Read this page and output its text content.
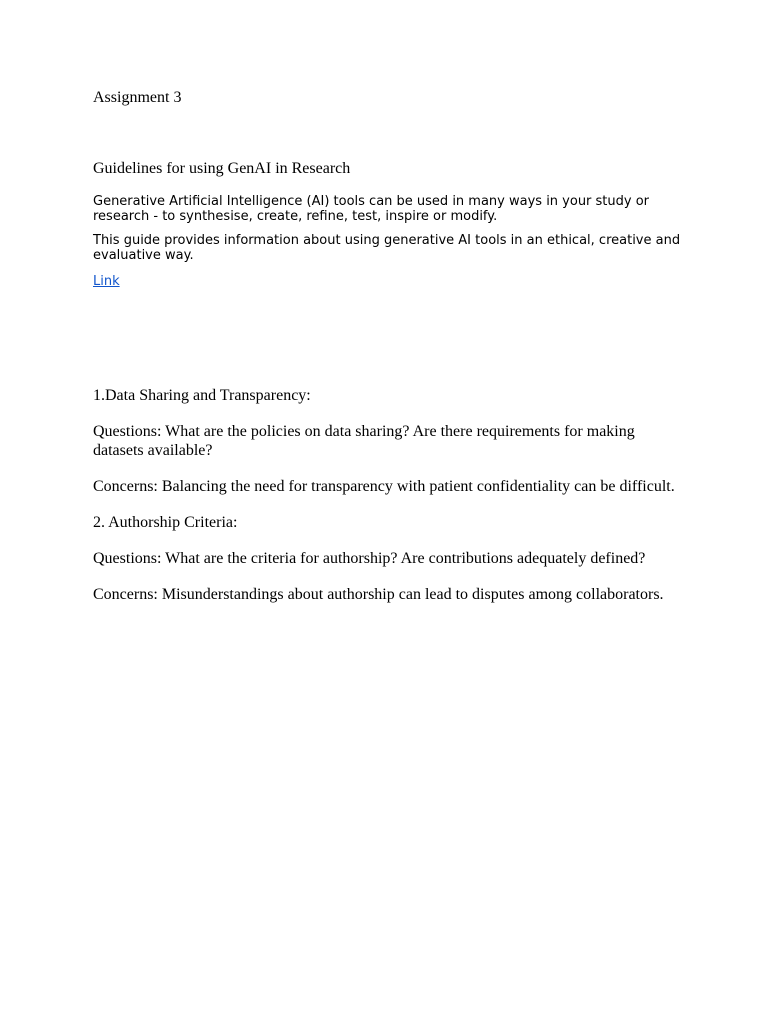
Assignment 3

Guidelines for using GenAI in Research

Generative Artificial Intelligence (AI) tools can be used in many ways in your study or research - to synthesise, create, refine, test, inspire or modify.

This guide provides information about using generative AI tools in an ethical, creative and evaluative way.

Link

1.Data Sharing and Transparency:

Questions: What are the policies on data sharing? Are there requirements for making datasets available?

Concerns: Balancing the need for transparency with patient confidentiality can be difficult.

2. Authorship Criteria:

Questions: What are the criteria for authorship? Are contributions adequately defined?

Concerns: Misunderstandings about authorship can lead to disputes among collaborators.
